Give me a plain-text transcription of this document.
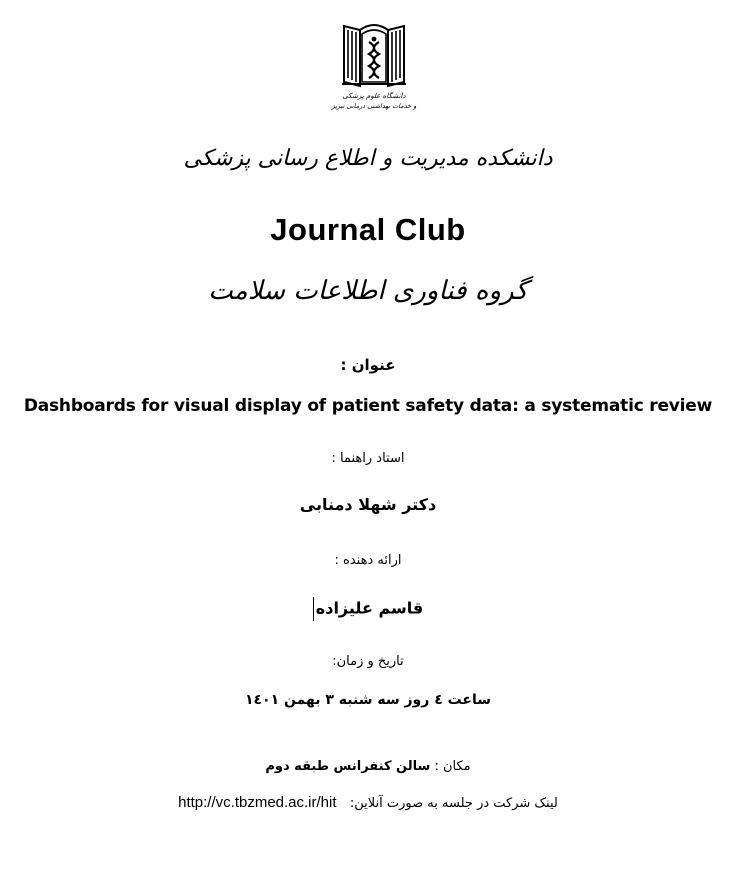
دانشگاه علوم پزشکی
و خدمات بهداشتی درمانی تبریز
دانشکده مدیریت و اطلاع رسانی پزشکی
Journal Club
گروه فناوری اطلاعات سلامت
عنوان :
Dashboards for visual display of patient safety data: a systematic review
استاد راهنما :
دکتر شهلا دمنابی
ارائه دهنده :
قاسم علیزاده
تاریخ و زمان:
ساعت ٤ روز سه شنبه ٣ بهمن ١٤٠١
مکان : سالن کنفرانس طبقه دوم
http://vc.tbzmed.ac.ir/hit لینک شرکت در جلسه به صورت آنلاین:
